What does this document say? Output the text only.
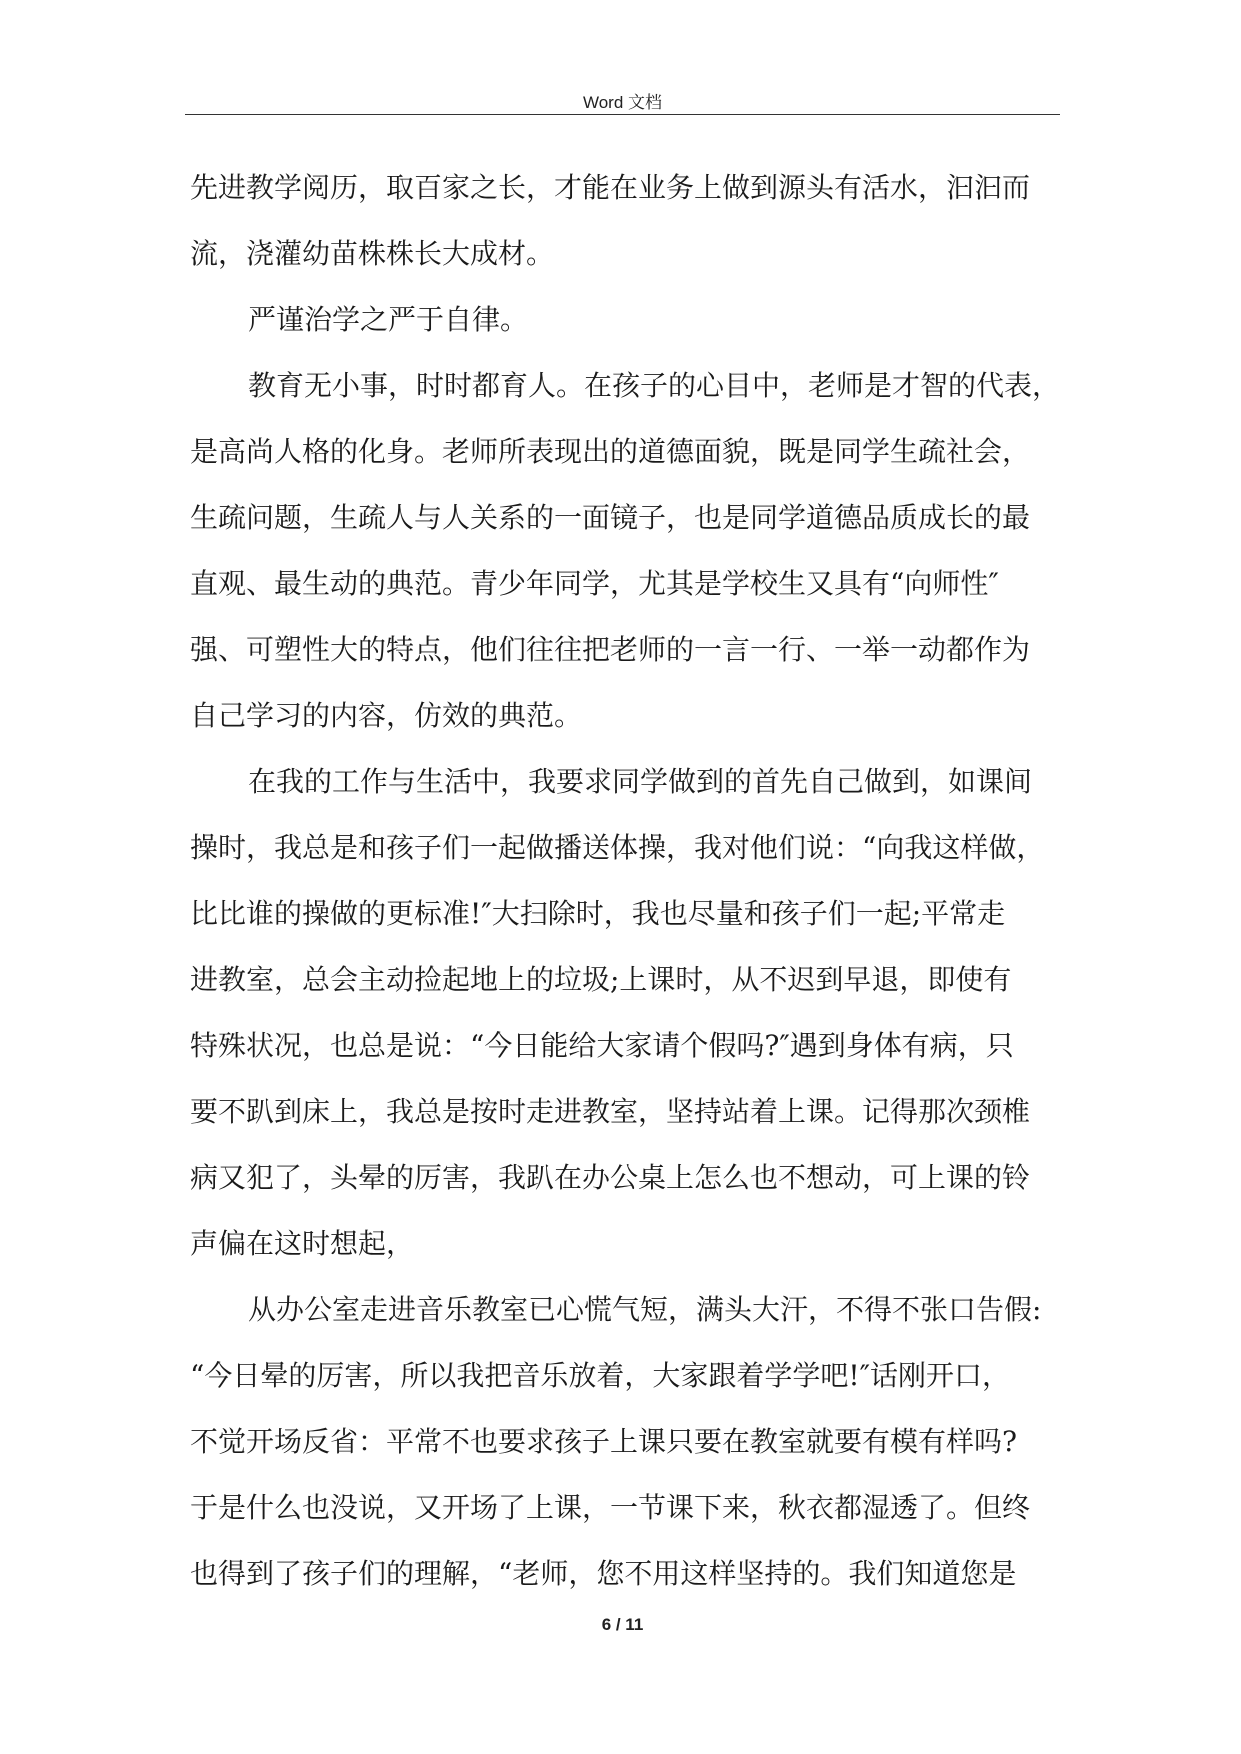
Word 文档
先进教学阅历，取百家之长，才能在业务上做到源头有活水，汩汩而
流，浇灌幼苗株株长大成材。
严谨治学之严于自律。
教育无小事，时时都育人。在孩子的心目中，老师是才智的代表，
是高尚人格的化身。老师所表现出的道德面貌，既是同学生疏社会，
生疏问题，生疏人与人关系的一面镜子，也是同学道德品质成长的最
直观、最生动的典范。青少年同学，尤其是学校生又具有“向师性″
强、可塑性大的特点，他们往往把老师的一言一行、一举一动都作为
自己学习的内容，仿效的典范。
在我的工作与生活中，我要求同学做到的首先自己做到，如课间
操时，我总是和孩子们一起做播送体操，我对他们说：“向我这样做，
比比谁的操做的更标准!″大扫除时，我也尽量和孩子们一起;平常走
进教室，总会主动捡起地上的垃圾;上课时，从不迟到早退，即使有
特殊状况，也总是说：“今日能给大家请个假吗?″遇到身体有病，只
要不趴到床上，我总是按时走进教室，坚持站着上课。记得那次颈椎
病又犯了，头晕的厉害，我趴在办公桌上怎么也不想动，可上课的铃
声偏在这时想起，
从办公室走进音乐教室已心慌气短，满头大汗，不得不张口告假:
“今日晕的厉害，所以我把音乐放着，大家跟着学学吧!″话刚开口，
不觉开场反省：平常不也要求孩子上课只要在教室就要有模有样吗?
于是什么也没说，又开场了上课，一节课下来，秋衣都湿透了。但终
也得到了孩子们的理解，“老师，您不用这样坚持的。我们知道您是
6 / 11
